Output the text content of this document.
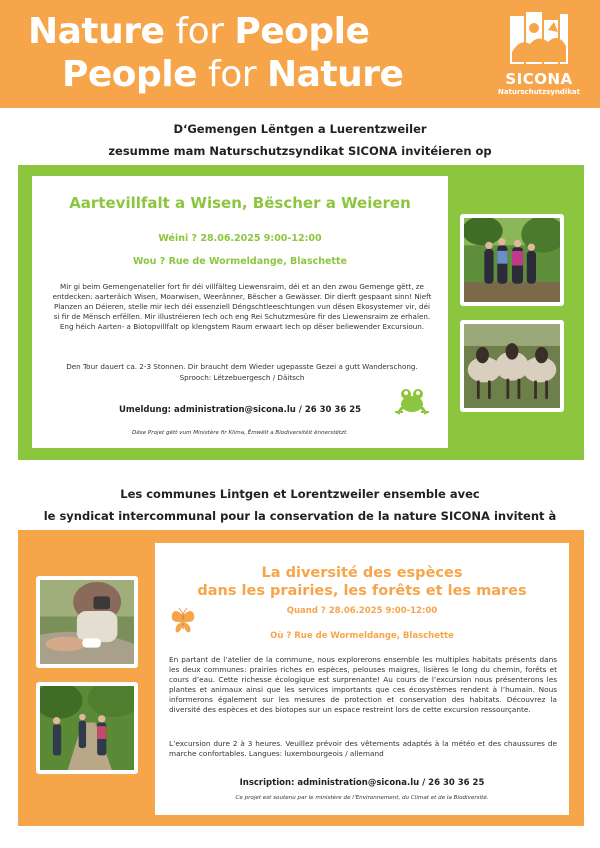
Nature for People
People for Nature	SICONA
Naturschutzsyndikat
D‘Gemengen Lëntgen a Luerentzweiler
zesumme mam Naturschutzsyndikat SICONA invitéieren op
Aartevillfalt a Wisen, Bëscher a Weieren
Wéini ? 28.06.2025 9:00-12:00
Wou ? Rue de Wormeldange, Blaschette
Mir gi beim Gemengenatelier fort fir déi villfälteg Liewensraim, déi et an den zwou Gemenge gëtt, ze entdecken: aarteräich Wisen, Moarwisen, Weeränner, Bëscher a Gewässer. Dir dierft gespaant sinn! Nieft Planzen an Déieren, stelle mir Iech déi essenziell Déngschtleeschtungen vun dësen Ekosystemer vir, déi si fir de Mënsch erfëllen. Mir illustréieren Iech och eng Rei Schutzmesüre fir des Liewensraim ze erhalen. Eng héich Aarten- a Biotopvillfalt op klengstem Raum erwaart Iech op dëser beliewender Excursioun.
Den Tour dauert ca. 2-3 Stonnen. Dir braucht dem Wieder ugepasste Gezei a gutt Wanderschong.
Sprooch: Lëtzebuergesch / Däitsch
Umeldung: administration@sicona.lu / 26 30 36 25
Dëse Projet gëtt vum Ministère fir Klima, Ëmwëlt a Biodiversitéit ënnerstëtzt.
Les communes Lintgen et Lorentzweiler ensemble avec
le syndicat intercommunal pour la conservation de la nature SICONA invitent à
La diversité des espèces
dans les prairies, les forêts et les mares
Quand ? 28.06.2025 9:00-12:00
Où ? Rue de Wormeldange, Blaschette
En partant de l’atelier de la commune, nous explorerons ensemble les multiples habitats présents dans les deux communes: prairies riches en espèces, pelouses maigres, lisières le long du chemin, forêts et cours d’eau. Cette richesse écologique est surprenante! Au cours de l’excursion nous présenterons les plantes et animaux ainsi que les services importants que ces écosystèmes rendent à l’humain. Nous informerons également sur les mesures de protection et conservation des habitats. Découvrez la diversité des espèces et des biotopes sur un espace restreint lors de cette excursion ressourçante.
L’excursion dure 2 à 3 heures. Veuillez prévoir des vêtements adaptés à la météo et des chaussures de marche confortables. Langues: luxembourgeois / allemand
Inscription: administration@sicona.lu / 26 30 36 25
Ce projet est soutenu par le ministère de l’Environnement, du Climat et de la Biodiversité.
